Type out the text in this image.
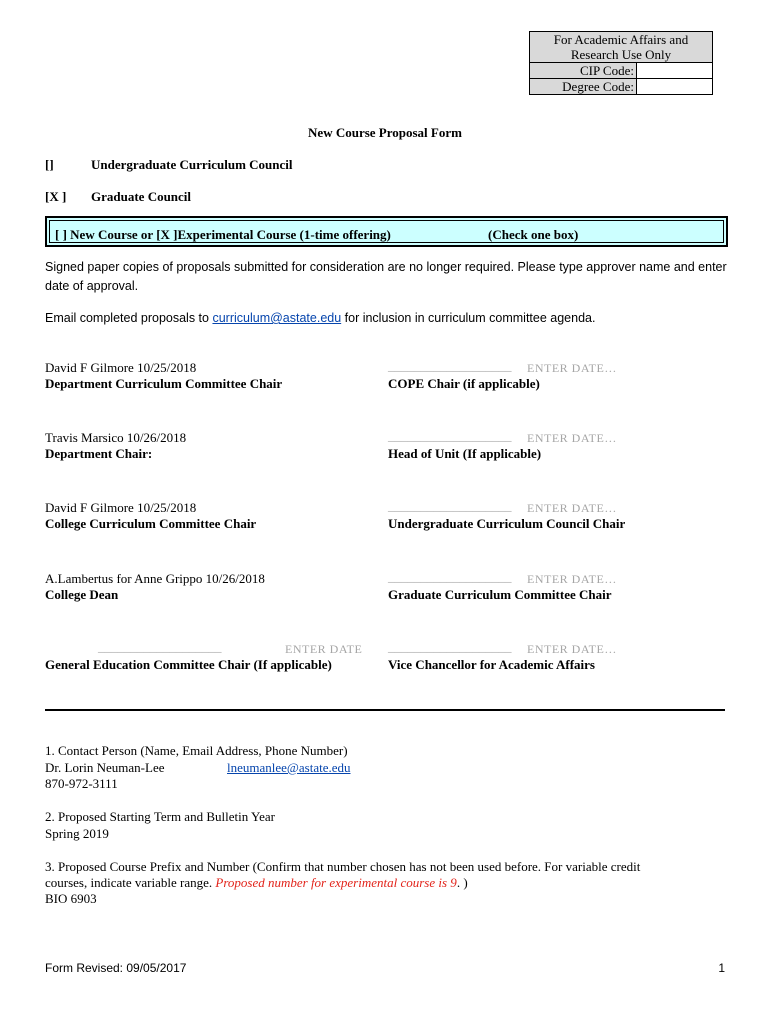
For Academic Affairs and
Research Use Only	
CIP Code:	
Degree Code:	
New Course Proposal Form
[]	Undergraduate Curriculum Council
[X ] Graduate Council
[ ] New Course or [X ]Experimental Course (1-time offering)	(Check one box)
Signed paper copies of proposals submitted for consideration are no longer required. Please type approver name and enter date of approval.
Email completed proposals to curriculum@astate.edu for inclusion in curriculum committee agenda.
David F Gilmore 10/25/2018
Department Curriculum Committee Chair
___________________ ENTER DATE…
COPE Chair (if applicable)
Travis Marsico 10/26/2018
Department Chair:
___________________ ENTER DATE…
Head of Unit (If applicable)
David F Gilmore 10/25/2018
College Curriculum Committee Chair
___________________ ENTER DATE…
Undergraduate Curriculum Council Chair
A.Lambertus for Anne Grippo 10/26/2018
College Dean
___________________ ENTER DATE…
Graduate Curriculum Committee Chair
___________________	ENTER DATE
General Education Committee Chair (If applicable)
___________________ ENTER DATE…
Vice Chancellor for Academic Affairs
1. Contact Person (Name, Email Address, Phone Number)
Dr. Lorin Neuman-Lee	lneumanlee@astate.edu
870-972-3111
2. Proposed Starting Term and Bulletin Year
Spring 2019
3. Proposed Course Prefix and Number (Confirm that number chosen has not been used before. For variable credit
courses, indicate variable range. Proposed number for experimental course is 9. )
BIO 6903
Form Revised: 09/05/2017	1
